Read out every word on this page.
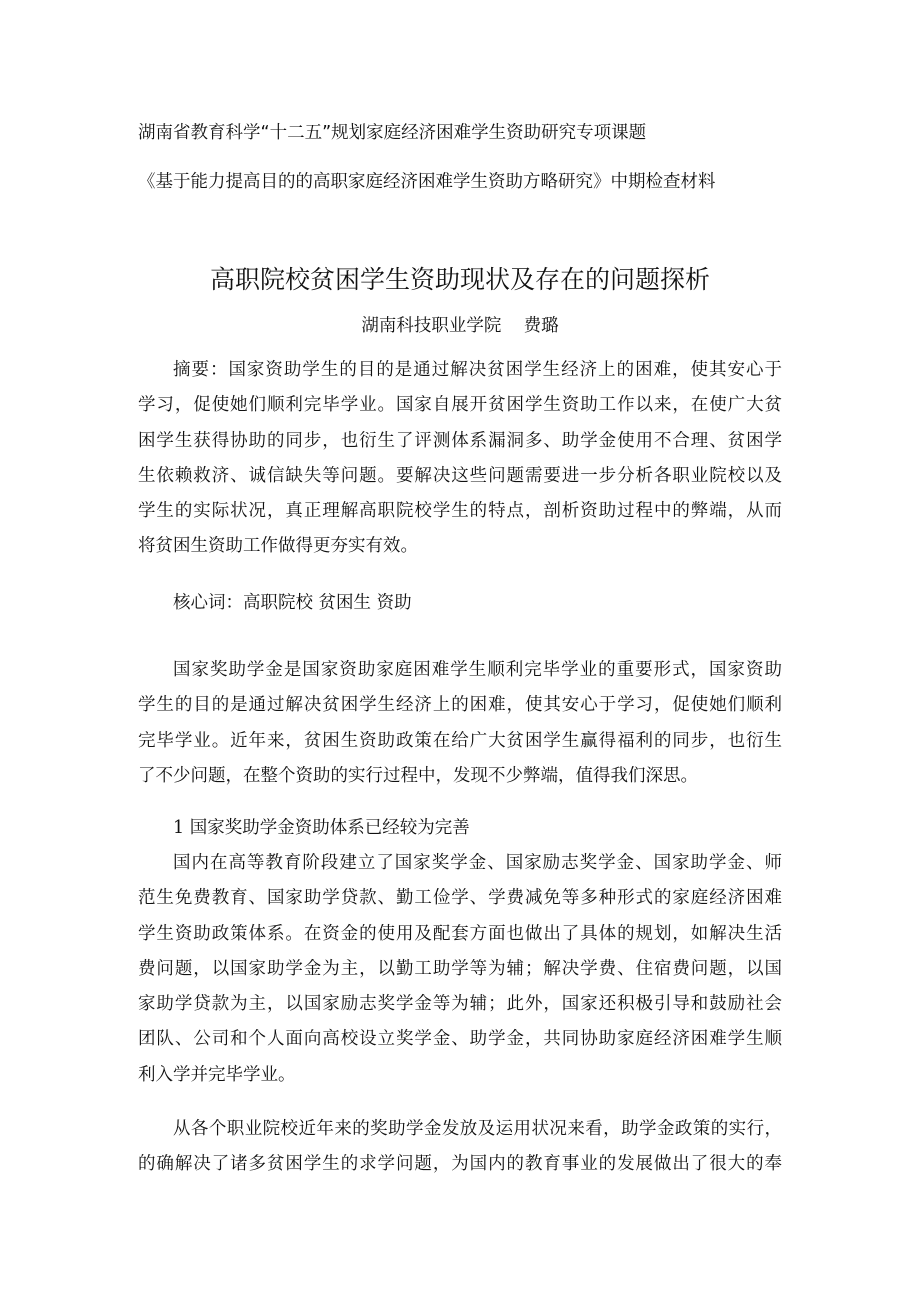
湖南省教育科学“十二五”规划家庭经济困难学生资助研究专项课题
《基于能力提高目的的高职家庭经济困难学生资助方略研究》中期检查材料
高职院校贫困学生资助现状及存在的问题探析
湖南科技职业学院    费璐
摘要：国家资助学生的目的是通过解决贫困学生经济上的困难，使其安心于
学习，促使她们顺利完毕学业。国家自展开贫困学生资助工作以来，在使广大贫
困学生获得协助的同步，也衍生了评测体系漏洞多、助学金使用不合理、贫困学
生依赖救济、诚信缺失等问题。要解决这些问题需要进一步分析各职业院校以及
学生的实际状况，真正理解高职院校学生的特点，剖析资助过程中的弊端，从而
将贫困生资助工作做得更夯实有效。
核心词：高职院校 贫困生 资助
国家奖助学金是国家资助家庭困难学生顺利完毕学业的重要形式，国家资助
学生的目的是通过解决贫困学生经济上的困难，使其安心于学习，促使她们顺利
完毕学业。近年来，贫困生资助政策在给广大贫困学生赢得福利的同步，也衍生
了不少问题，在整个资助的实行过程中，发现不少弊端，值得我们深思。
1 国家奖助学金资助体系已经较为完善
国内在高等教育阶段建立了国家奖学金、国家励志奖学金、国家助学金、师
范生免费教育、国家助学贷款、勤工俭学、学费减免等多种形式的家庭经济困难
学生资助政策体系。在资金的使用及配套方面也做出了具体的规划，如解决生活
费问题，以国家助学金为主，以勤工助学等为辅；解决学费、住宿费问题，以国
家助学贷款为主，以国家励志奖学金等为辅；此外，国家还积极引导和鼓励社会
团队、公司和个人面向高校设立奖学金、助学金，共同协助家庭经济困难学生顺
利入学并完毕学业。
从各个职业院校近年来的奖助学金发放及运用状况来看，助学金政策的实行，
的确解决了诸多贫困学生的求学问题，为国内的教育事业的发展做出了很大的奉
